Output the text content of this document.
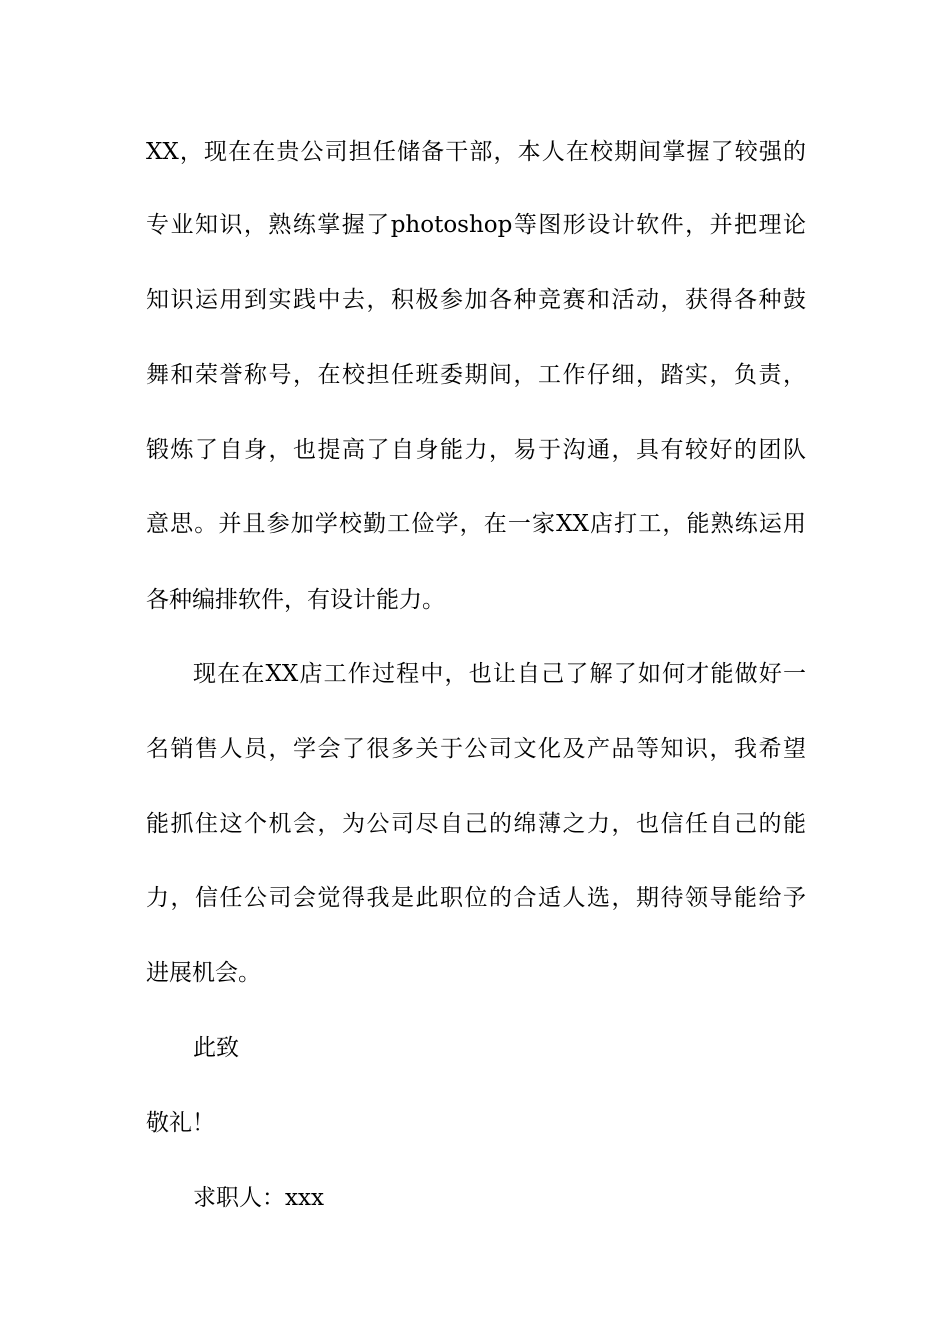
XX，现在在贵公司担任储备干部，本人在校期间掌握了较强的

专业知识，熟练掌握了photoshop等图形设计软件，并把理论

知识运用到实践中去，积极参加各种竞赛和活动，获得各种鼓

舞和荣誉称号，在校担任班委期间，工作仔细，踏实，负责，

锻炼了自身，也提高了自身能力，易于沟通，具有较好的团队

意思。并且参加学校勤工俭学，在一家XX店打工，能熟练运用

各种编排软件，有设计能力。

现在在XX店工作过程中，也让自己了解了如何才能做好一

名销售人员，学会了很多关于公司文化及产品等知识，我希望

能抓住这个机会，为公司尽自己的绵薄之力，也信任自己的能

力，信任公司会觉得我是此职位的合适人选，期待领导能给予

进展机会。

此致

敬礼！

求职人：xxx
